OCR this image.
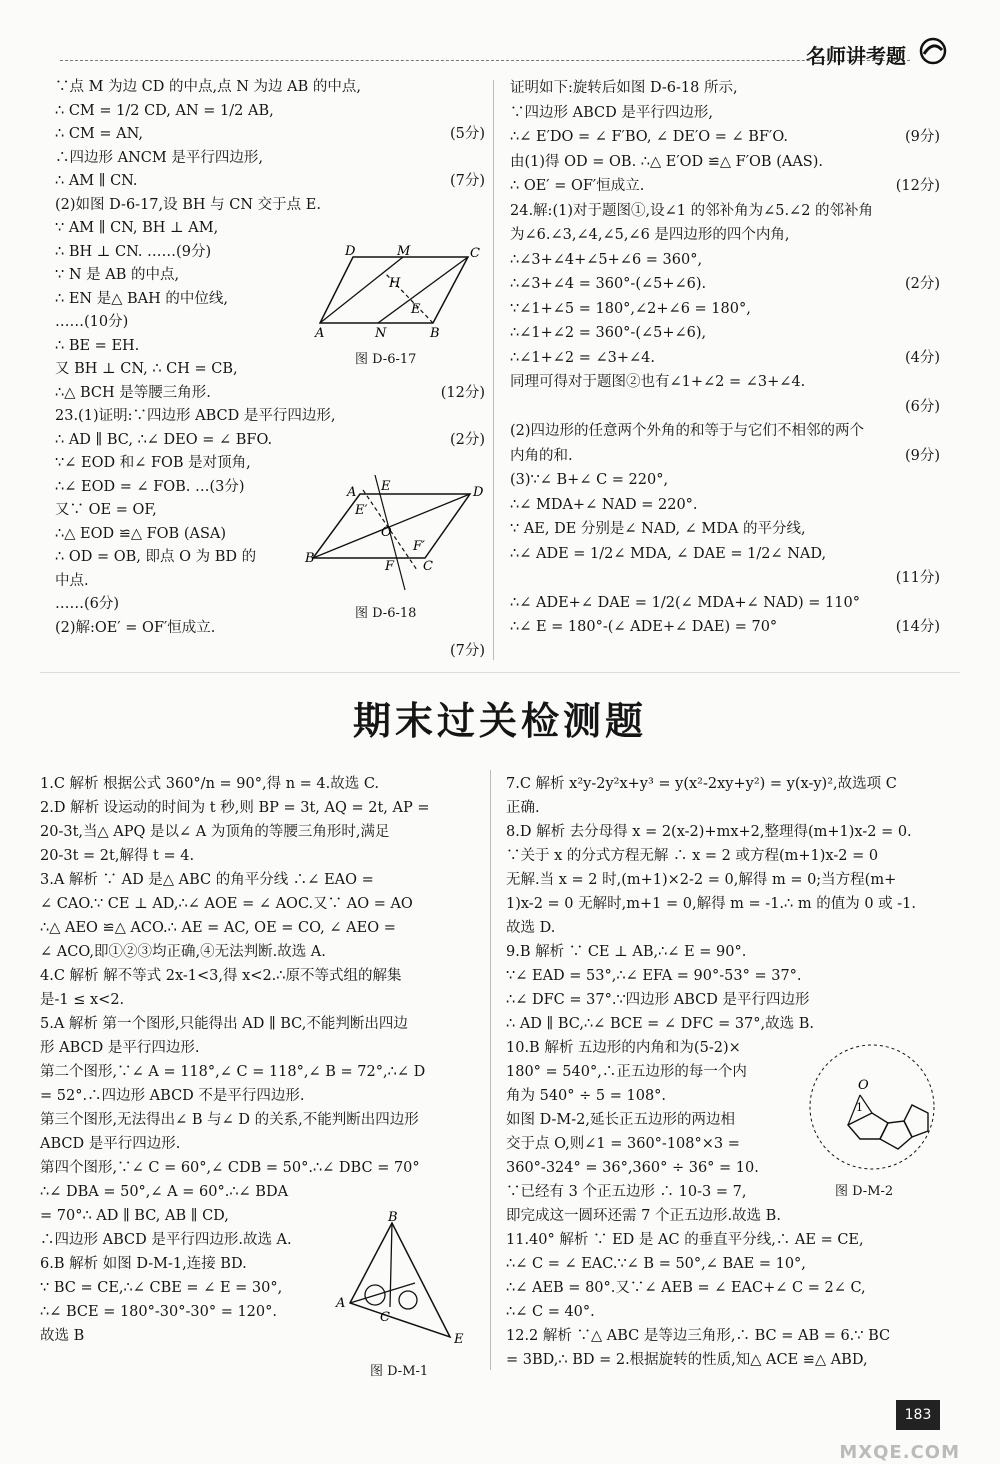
名师讲考题
∵点 M 为边 CD 的中点,点 N 为边 AB 的中点,
∴ CM = 1/2 CD, AN = 1/2 AB,
(5分)
∴ CM = AN,
∴四边形 ANCM 是平行四边形,
(7分)
∴ AM ∥ CN.
(2)如图 D-6-17,设 BH 与 CN 交于点 E.
∵ AM ∥ CN, BH ⊥ AM,
∴ BH ⊥ CN. ……(9分)
∵ N 是 AB 的中点,
∴ EN 是△ BAH 的中位线,
……(10分)
∴ BE = EH.
又 BH ⊥ CN, ∴ CH = CB,
(12分)
∴△ BCH 是等腰三角形.
23.(1)证明:∵四边形 ABCD 是平行四边形,
(2分)
∴ AD ∥ BC, ∴∠ DEO = ∠ BFO.
∵∠ EOD 和∠ FOB 是对顶角,
∴∠ EOD = ∠ FOB. …(3分)
又∵ OE = OF,
∴△ EOD ≌△ FOB (ASA)
∴ OD = OB, 即点 O 为 BD 的
中点.
……(6分)
(2)解:OE′ = OF′恒成立.
(7分)
证明如下:旋转后如图 D-6-18 所示,
∵四边形 ABCD 是平行四边形,
(9分)
∴∠ E′DO = ∠ F′BO, ∠ DE′O = ∠ BF′O.
由(1)得 OD = OB. ∴△ E′OD ≌△ F′OB (AAS).
(12分)
∴ OE′ = OF′恒成立.
24.解:(1)对于题图①,设∠1 的邻补角为∠5.∠2 的邻补角
为∠6.∠3,∠4,∠5,∠6 是四边形的四个内角,
∴∠3+∠4+∠5+∠6 = 360°,
(2分)
∴∠3+∠4 = 360°-(∠5+∠6).
∵∠1+∠5 = 180°,∠2+∠6 = 180°,
∴∠1+∠2 = 360°-(∠5+∠6),
(4分)
∴∠1+∠2 = ∠3+∠4.
同理可得对于题图②也有∠1+∠2 = ∠3+∠4.
(6分)
(2)四边形的任意两个外角的和等于与它们不相邻的两个
(9分)
内角的和.
(3)∵∠ B+∠ C = 220°,
∴∠ MDA+∠ NAD = 220°.
∵ AE, DE 分别是∠ NAD, ∠ MDA 的平分线,
∴∠ ADE = 1/2∠ MDA, ∠ DAE = 1/2∠ NAD,
(11分)
∴∠ ADE+∠ DAE = 1/2(∠ MDA+∠ NAD) = 110°
(14分)
∴∠ E = 180°-(∠ ADE+∠ DAE) = 70°
D	M	C
A	N	B
H
E
图 D-6-17
A E	D
B
C
E′
O
F′
F
图 D-6-18
期末过关检测题
1.C 解析 根据公式 360°/n = 90°,得 n = 4.故选 C.
2.D 解析 设运动的时间为 t 秒,则 BP = 3t, AQ = 2t, AP =
20-3t,当△ APQ 是以∠ A 为顶角的等腰三角形时,满足
20-3t = 2t,解得 t = 4.
3.A 解析 ∵ AD 是△ ABC 的角平分线 ∴∠ EAO =
∠ CAO.∵ CE ⊥ AD,∴∠ AOE = ∠ AOC.又∵ AO = AO
∴△ AEO ≌△ ACO.∴ AE = AC, OE = CO, ∠ AEO =
∠ ACO,即①②③均正确,④无法判断.故选 A.
4.C 解析 解不等式 2x-1<3,得 x<2.∴原不等式组的解集
是-1 ≤ x<2.
5.A 解析 第一个图形,只能得出 AD ∥ BC,不能判断出四边
形 ABCD 是平行四边形.
第二个图形,∵∠ A = 118°,∠ C = 118°,∠ B = 72°,∴∠ D
= 52°.∴四边形 ABCD 不是平行四边形.
第三个图形,无法得出∠ B 与∠ D 的关系,不能判断出四边形
ABCD 是平行四边形.
第四个图形,∵∠ C = 60°,∠ CDB = 50°.∴∠ DBC = 70°
∴∠ DBA = 50°,∠ A = 60°.∴∠ BDA
= 70°∴ AD ∥ BC, AB ∥ CD,
∴四边形 ABCD 是平行四边形.故选 A.
6.B 解析 如图 D-M-1,连接 BD.
∵ BC = CE,∴∠ CBE = ∠ E = 30°,
∴∠ BCE = 180°-30°-30° = 120°.
故选 B
7.C 解析 x²y-2y²x+y³ = y(x²-2xy+y²) = y(x-y)²,故选项 C
正确.
8.D 解析 去分母得 x = 2(x-2)+mx+2,整理得(m+1)x-2 = 0.
∵关于 x 的分式方程无解 ∴ x = 2 或方程(m+1)x-2 = 0
无解.当 x = 2 时,(m+1)×2-2 = 0,解得 m = 0;当方程(m+
1)x-2 = 0 无解时,m+1 = 0,解得 m = -1.∴ m 的值为 0 或 -1.
故选 D.
9.B 解析 ∵ CE ⊥ AB,∴∠ E = 90°.
∵∠ EAD = 53°,∴∠ EFA = 90°-53° = 37°.
∴∠ DFC = 37°.∵四边形 ABCD 是平行四边形
∴ AD ∥ BC,∴∠ BCE = ∠ DFC = 37°,故选 B.
10.B 解析 五边形的内角和为(5-2)×
180° = 540°,∴正五边形的每一个内
角为 540° ÷ 5 = 108°.
如图 D-M-2,延长正五边形的两边相
交于点 O,则∠1 = 360°-108°×3 =
360°-324° = 36°,360° ÷ 36° = 10.
∵已经有 3 个正五边形 ∴ 10-3 = 7,
即完成这一圆环还需 7 个正五边形.故选 B.
11.40° 解析 ∵ ED 是 AC 的垂直平分线,∴ AE = CE,
∴∠ C = ∠ EAC.∵∠ B = 50°,∠ BAE = 10°,
∴∠ AEB = 80°.又∵∠ AEB = ∠ EAC+∠ C = 2∠ C,
∴∠ C = 40°.
12.2 解析 ∵△ ABC 是等边三角形,∴ BC = AB = 6.∵ BC
= 3BD,∴ BD = 2.根据旋转的性质,知△ ACE ≌△ ABD,
B
A
C
E
图 D-M-1
O
1
图 D-M-2
183
MXQE.COM
